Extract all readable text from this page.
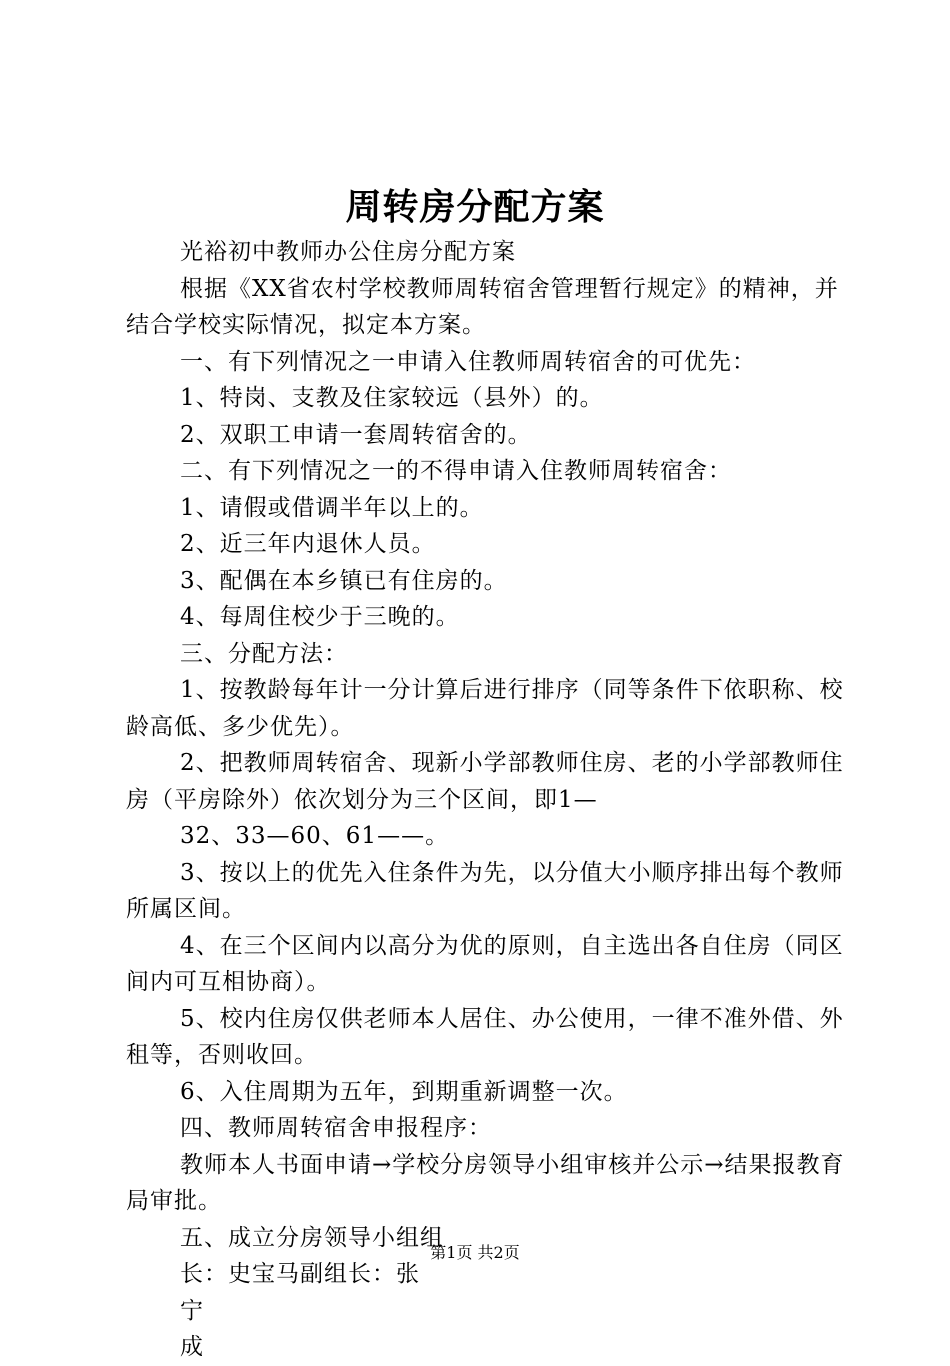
周转房分配方案

光裕初中教师办公住房分配方案

根据《XX省农村学校教师周转宿舍管理暂行规定》的精神，并结合学校实际情况，拟定本方案。

一、有下列情况之一申请入住教师周转宿舍的可优先：

1、特岗、支教及住家较远（县外）的。

2、双职工申请一套周转宿舍的。

二、有下列情况之一的不得申请入住教师周转宿舍：

1、请假或借调半年以上的。

2、近三年内退休人员。

3、配偶在本乡镇已有住房的。

4、每周住校少于三晚的。

三、分配方法：

1、按教龄每年计一分计算后进行排序（同等条件下依职称、校龄高低、多少优先）。

2、把教师周转宿舍、现新小学部教师住房、老的小学部教师住房（平房除外）依次划分为三个区间，即1—

32、33—60、61——。

3、按以上的优先入住条件为先，以分值大小顺序排出每个教师所属区间。

4、在三个区间内以高分为优的原则，自主选出各自住房（同区间内可互相协商）。

5、校内住房仅供老师本人居住、办公使用，一律不准外借、外租等，否则收回。

6、入住周期为五年，到期重新调整一次。

四、教师周转宿舍申报程序：

教师本人书面申请→学校分房领导小组审核并公示→结果报教育局审批。

五、成立分房领导小组组

长：史宝马副组长：张

宁

成

第1页 共2页
